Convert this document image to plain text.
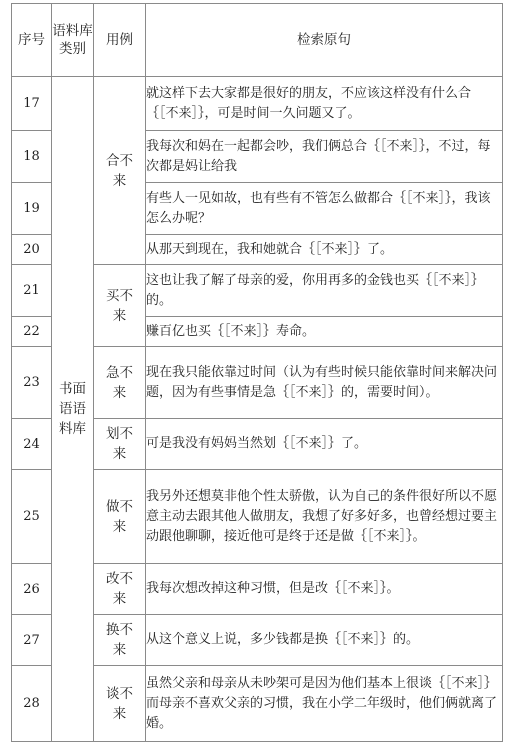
序号	语料库类别	用例	检索原句
17	书面语语料库	合不来	就这样下去大家都是很好的朋友，不应该这样没有什么合｛［不来］｝，可是时间一久问题又了。
18			我每次和妈在一起都会吵，我们俩总合｛［不来］｝，不过，每次都是妈让给我
19			有些人一见如故，也有些有不管怎么做都合｛［不来］｝，我该怎么办呢？
20			从那天到现在，我和她就合｛［不来］｝了。
21		买不来	这也让我了解了母亲的爱，你用再多的金钱也买｛［不来］｝的。
22			赚百亿也买｛［不来］｝寿命。
23		急不来	现在我只能依靠过时间（认为有些时候只能依靠时间来解决问题，因为有些事情是急｛［不来］｝的，需要时间）。
24		划不来	可是我没有妈妈当然划｛［不来］｝了。
25		做不来	我另外还想莫非他个性太骄傲，认为自己的条件很好所以不愿意主动去跟其他人做朋友，我想了好多好多，也曾经想过要主动跟他聊聊，接近他可是终于还是做｛［不来］｝。
26		改不来	我每次想改掉这种习惯，但是改｛［不来］｝。
27		换不来	从这个意义上说，多少钱都是换｛［不来］｝的。
28		谈不来	虽然父亲和母亲从未吵架可是因为他们基本上很谈｛［不来］｝而母亲不喜欢父亲的习惯，我在小学二年级时，他们俩就离了婚。
